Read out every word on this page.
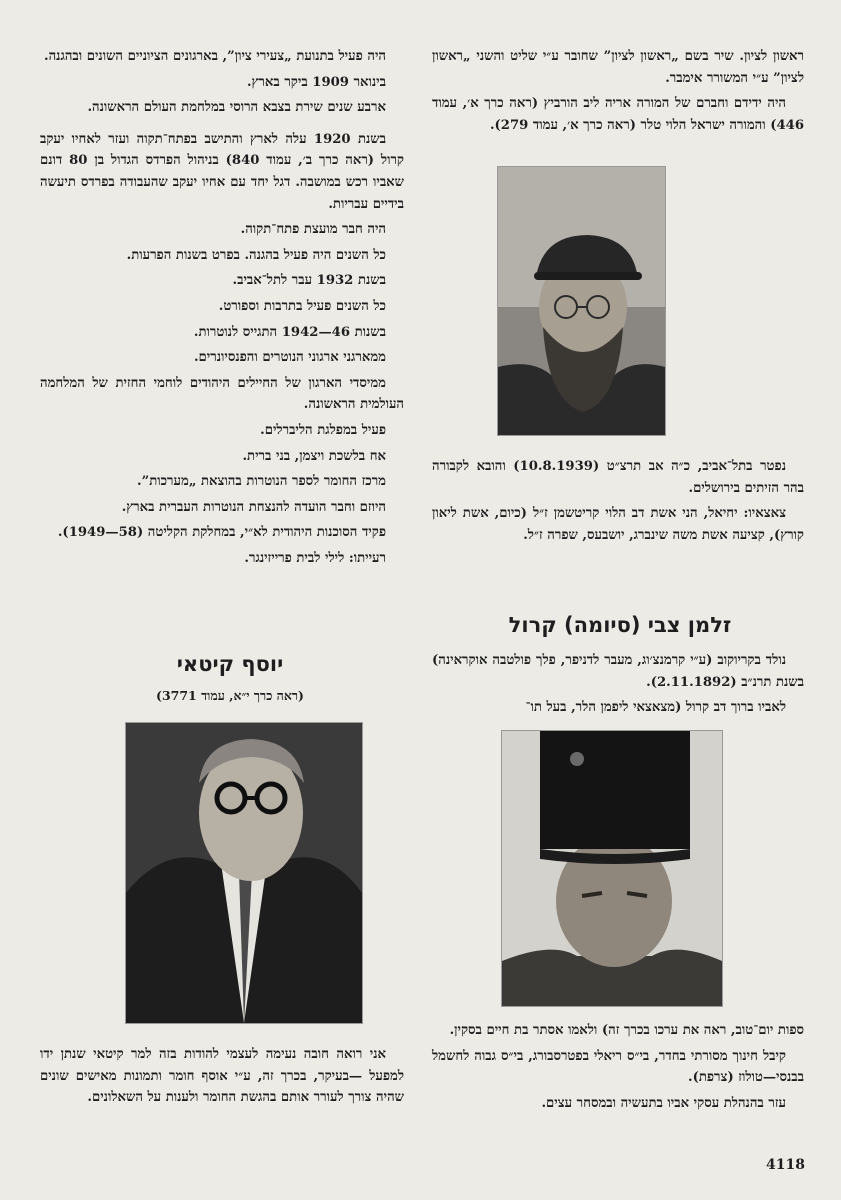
ראשון לציון. שיר בשם „ראשון לציון” שחובר ע״י שליט והשני „ראשון לציון” ע״י המשורר אימבר.

היה ידידם וחברם של המורה אריה ליב הורביץ (ראה כרך א׳, עמוד 446) והמורה ישראל הלוי טלר (ראה כרך א׳, עמוד 279).

נפטר בתל־אביב, כ״ה אב תרצ״ט (10.8.1939) והובא לקבורה בהר הזיתים בירושלים.

צאצאיו: יחיאל, הני אשת דב הלוי קריטשמן ז״ל (כיום, אשת ליאון קורץ), קציעה אשת משה שינברג, יושבעס, שפרה ז״ל.

זלמן צבי (סיומה) קרול

נולד בקריוקוב (ע״י קרמנצ׳וג, מעבר לדניפר, פלך פולטבה אוקראינה) בשנת תרנ״ב (2.11.1892).

לאביו ברוך דב קרול (מצאצאי ליפמן הלר, בעל תו־

ספות יום־טוב, ראה את ערכו בכרך זה) ולאמו אסתר בת חיים בסקין.

קיבל חינוך מסורתי בחדר, בי״ס ריאלי בפטרסבורג, בי״ס גבוה לחשמל בבנסי—טולוז (צרפת).

עזר בהנהלת עסקי אביו בתעשיה ובמסחר עצים.

היה פעיל בתנועת „צעירי ציון”, בארגונים הציוניים השונים ובהגנה.

בינואר 1909 ביקר בארץ.

ארבע שנים שירת בצבא הרוסי במלחמת העולם הראשונה.

בשנת 1920 עלה לארץ והתישב בפתח־תקוה ועזר לאחיו יעקב קרול (ראה כרך ב׳, עמוד 840) בניהול הפרדס הגדול בן 80 דונם שאביו רכש במושבה. דגל יחד עם אחיו יעקב שהעבודה בפרדס תיעשה בידיים עבריות.

היה חבר מועצת פתח־תקוה.

כל השנים היה פעיל בהגנה. בפרט בשנות הפרעות.

בשנת 1932 עבר לתל־אביב.

כל השנים פעיל בתרבות וספורט.

בשנות 46—1942 התגייס לנוטרות.

ממארגני ארגוני הנוטרים והפנסיונרים.

ממיסדי הארגון של החיילים היהודים לוחמי החזית של המלחמה העולמית הראשונה.

פעיל במפלגת הליברלים.

אח בלשכת ויצמן, בני ברית.

מרכז החומר לספר הנוטרות בהוצאת „מערכות”.

היוזם וחבר הועדה להנצחת הנוטרות העברית בארץ.

פקיד הסוכנות היהודית לא״י, במחלקת הקליטה (58—1949).

רעייתו: לילי לבית פרייזינגר.

יוסף קיטאי
(ראה כרך י״א, עמוד 3771)

אני רואה חובה נעימה לעצמי להודות בזה למר קיטאי שנתן ידו למפעל —בעיקר, בכרך זה, ע״י אוסף חומר ותמונות מאישים שונים שהיה צורך לעורר אותם בהגשת החומר ולענות על השאלונים.

4118
